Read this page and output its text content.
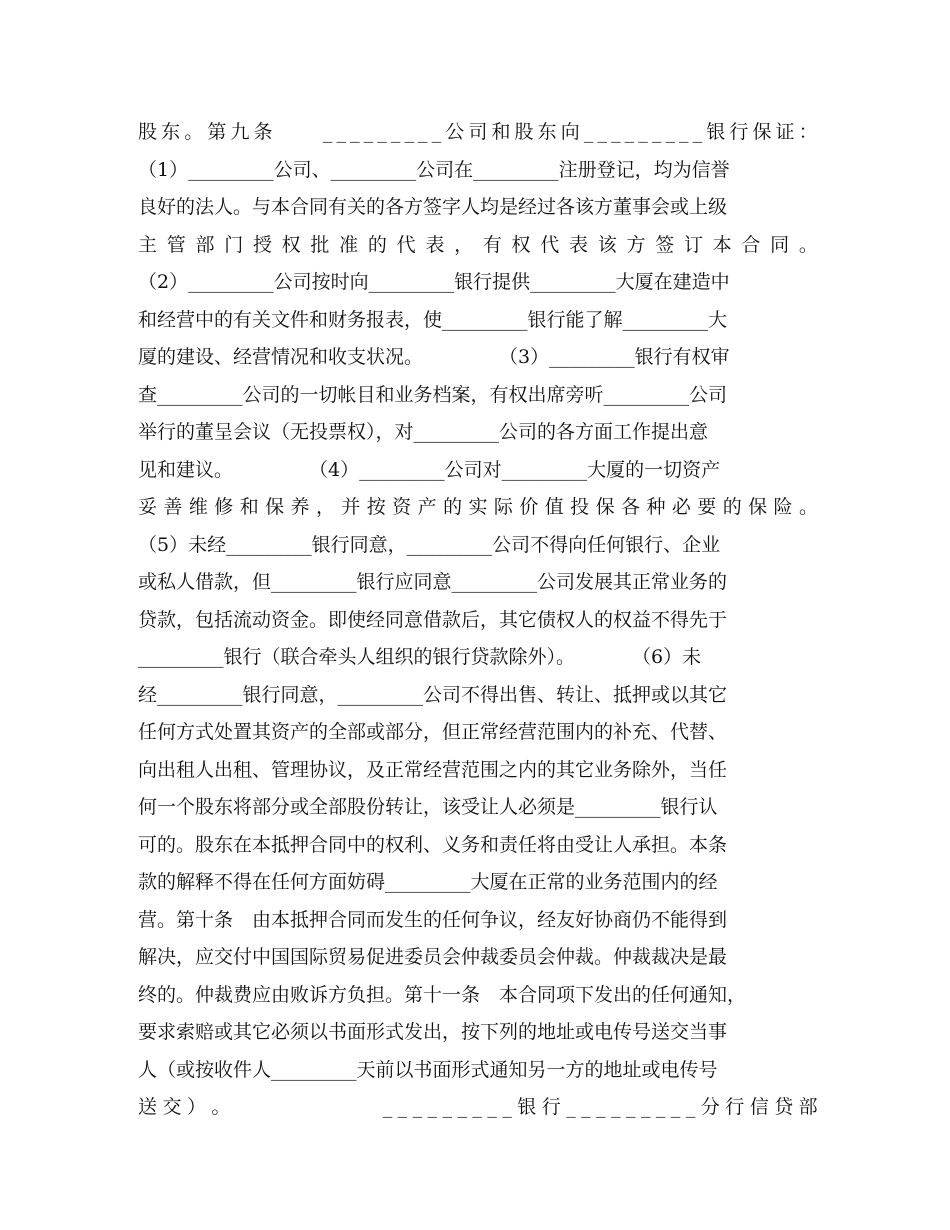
股 东 。 第 九 条

　	_ _ _ _ _ _ _ _ _ 公 司 和 股 东 向 _ _ _ _ _ _ _ _ _ 银 行 保 证 ：
（1）_________公司、_________公司在_________注册登记，均为信誉
良好的法人。与本合同有关的各方签字人均是经过各该方董事会或上级
主 管 部 门 授 权 批 准 的 代 表 ， 有 权 代 表 该 方 签 订 本 合 同 。
（2）_________公司按时向_________银行提供_________大厦在建造中
和经营中的有关文件和财务报表，使_________银行能了解_________大
厦的建设、经营情况和收支状况。　　　　　（3）_________银行有权审
查_________公司的一切帐目和业务档案，有权出席旁听_________公司
举行的董呈会议（无投票权），对_________公司的各方面工作提出意
见和建议。　　　　　（4）_________公司对_________大厦的一切资产
妥 善 维 修 和 保 养 ， 并 按 资 产 的 实 际 价 值 投 保 各 种 必 要 的 保 险 。
（5）未经_________银行同意，_________公司不得向任何银行、企业
或私人借款，但_________银行应同意_________公司发展其正常业务的
贷款，包括流动资金。即使经同意借款后，其它债权人的权益不得先于
_________银行（联合牵头人组织的银行贷款除外）。　　　　（6）未
经_________银行同意，_________公司不得出售、转让、抵押或以其它
任何方式处置其资产的全部或部分，但正常经营范围内的补充、代替、
向出租人出租、管理协议，及正常经营范围之内的其它业务除外，当任
何一个股东将部分或全部股份转让，该受让人必须是_________银行认
可的。股东在本抵押合同中的权利、义务和责任将由受让人承担。本条
款的解释不得在任何方面妨碍_________大厦在正常的业务范围内的经
营。第十条　由本抵押合同而发生的任何争议，经友好协商仍不能得到
解决，应交付中国国际贸易促进委员会仲裁委员会仲裁。仲裁裁决是最
终的。仲裁费应由败诉方负担。第十一条　本合同项下发出的任何通知，
要求索赔或其它必须以书面形式发出，按下列的地址或电传号送交当事
人（或按收件人_________天前以书面形式通知另一方的地址或电传号
送 交 ） 。

　	_ _ _ _ _ _ _ _ _ 银 行 _ _ _ _ _ _ _ _ _ 分 行 信 贷 部
